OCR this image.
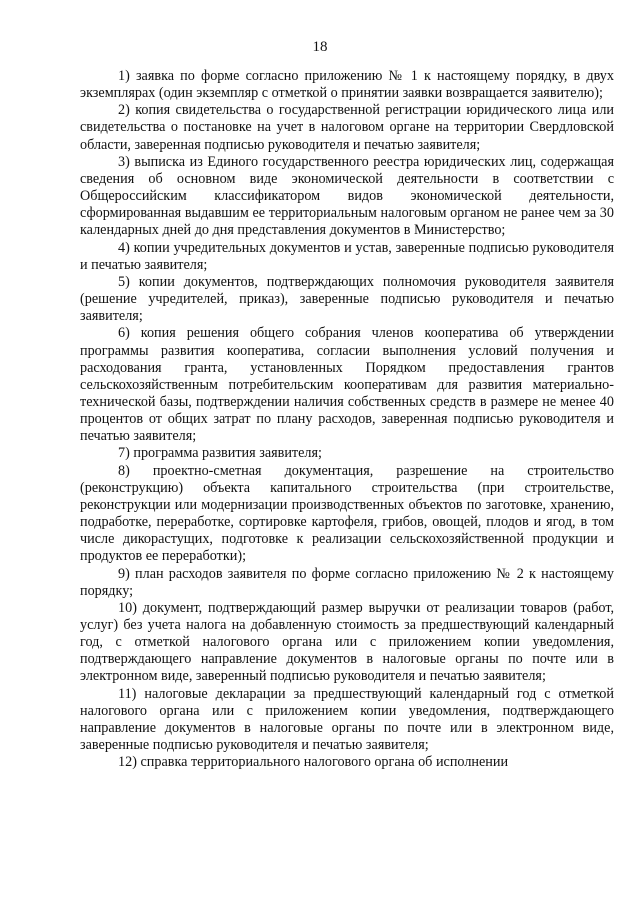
18

1) заявка по форме согласно приложению № 1 к настоящему порядку, в двух экземплярах (один экземпляр с отметкой о принятии заявки возвращается заявителю);

2) копия свидетельства о государственной регистрации юридического лица или свидетельства о постановке на учет в налоговом органе на территории Свердловской области, заверенная подписью руководителя и печатью заявителя;

3) выписка из Единого государственного реестра юридических лиц, содержащая сведения об основном виде экономической деятельности в соответствии с Общероссийским классификатором видов экономической деятельности, сформированная выдавшим ее территориальным налоговым органом не ранее чем за 30 календарных дней до дня представления документов в Министерство;

4) копии учредительных документов и устав, заверенные подписью руководителя и печатью заявителя;

5) копии документов, подтверждающих полномочия руководителя заявителя (решение учредителей, приказ), заверенные подписью руководителя и печатью заявителя;

6) копия решения общего собрания членов кооператива об утверждении программы развития кооператива, согласии выполнения условий получения и расходования гранта, установленных Порядком предоставления грантов сельскохозяйственным потребительским кооперативам для развития материально-технической базы, подтверждении наличия собственных средств в размере не менее 40 процентов от общих затрат по плану расходов, заверенная подписью руководителя и печатью заявителя;

7) программа развития заявителя;

8) проектно-сметная документация, разрешение на строительство (реконструкцию) объекта капитального строительства (при строительстве, реконструкции или модернизации производственных объектов по заготовке, хранению, подработке, переработке, сортировке картофеля, грибов, овощей, плодов и ягод, в том числе дикорастущих, подготовке к реализации сельскохозяйственной продукции и продуктов ее переработки);

9) план расходов заявителя по форме согласно приложению № 2 к настоящему порядку;

10) документ, подтверждающий размер выручки от реализации товаров (работ, услуг) без учета налога на добавленную стоимость за предшествующий календарный год, с отметкой налогового органа или с приложением копии уведомления, подтверждающего направление документов в налоговые органы по почте или в электронном виде, заверенный подписью руководителя и печатью заявителя;

11) налоговые декларации за предшествующий календарный год с отметкой налогового органа или с приложением копии уведомления, подтверждающего направление документов в налоговые органы по почте или в электронном виде, заверенные подписью руководителя и печатью заявителя;

12) справка территориального налогового органа об исполнении
